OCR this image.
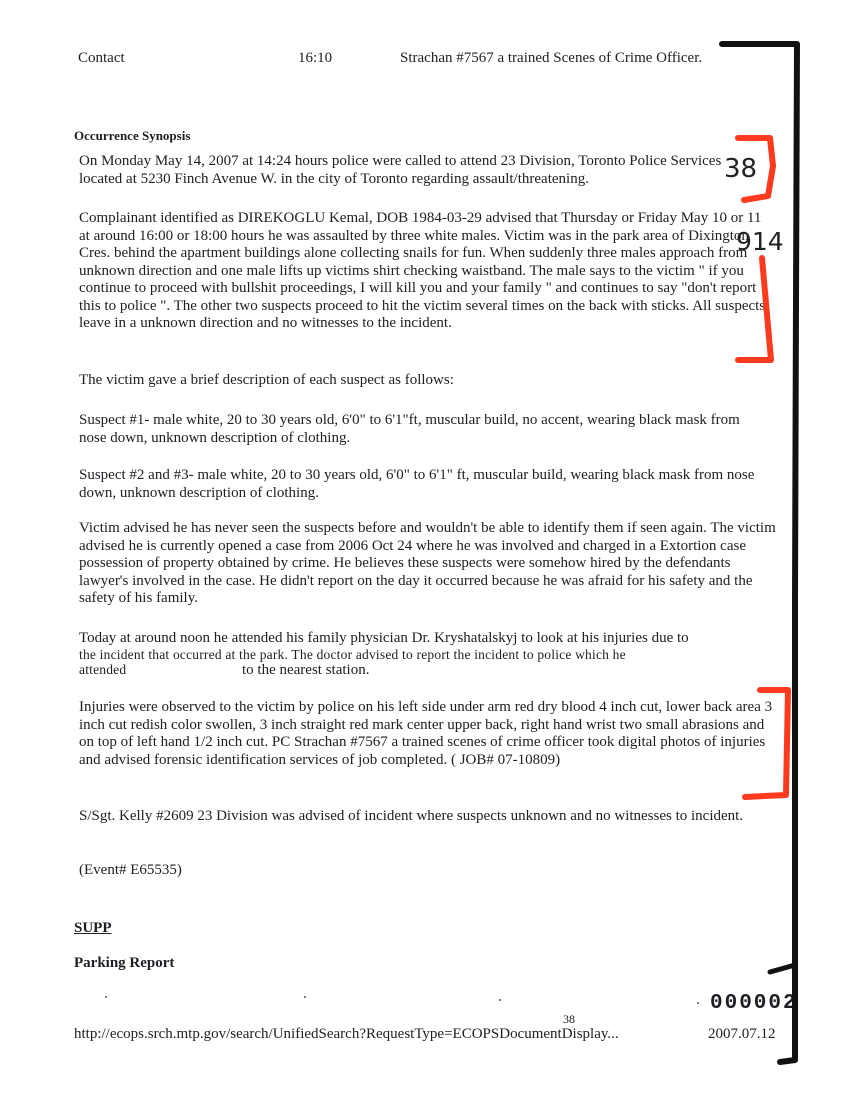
Contact	16:10	Strachan #7567 a trained Scenes of Crime Officer.
Occurrence Synopsis
On Monday May 14, 2007 at 14:24 hours police were called to attend 23 Division, Toronto Police Services located at 5230 Finch Avenue W. in the city of Toronto regarding assault/threatening.
Complainant identified as DIREKOGLU Kemal, DOB 1984-03-29 advised that Thursday or Friday May 10 or 11 at around 16:00 or 18:00 hours he was assaulted by three white males. Victim was in the park area of Dixington Cres. behind the apartment buildings alone collecting snails for fun. When suddenly three males approach from unknown direction and one male lifts up victims shirt checking waistband. The male says to the victim " if you continue to proceed with bullshit proceedings, I will kill you and your family " and continues to say "don't report this to police ". The other two suspects proceed to hit the victim several times on the back with sticks. All suspects leave in a unknown direction and no witnesses to the incident.
The victim gave a brief description of each suspect as follows:
Suspect #1- male white, 20 to 30 years old, 6'0" to 6'1"ft, muscular build, no accent, wearing black mask from nose down, unknown description of clothing.
Suspect #2 and #3- male white, 20 to 30 years old, 6'0" to 6'1" ft, muscular build, wearing black mask from nose down, unknown description of clothing.
Victim advised he has never seen the suspects before and wouldn't be able to identify them if seen again. The victim advised he is currently opened a case from 2006 Oct 24 where he was involved and charged in a Extortion case possession of property obtained by crime. He believes these suspects were somehow hired by the defendants lawyer's involved in the case. He didn't report on the day it occurred because he was afraid for his safety and the safety of his family.
Today at around noon he attended his family physician Dr. Kryshatalskyj to look at his injuries due to
the incident that occurred at the park. The doctor advised to report the incident to police which he
attended	to the nearest station.
Injuries were observed to the victim by police on his left side under arm red dry blood 4 inch cut, lower back area 3 inch cut redish color swollen, 3 inch straight red mark center upper back, right hand wrist two small abrasions and on top of left hand 1/2 inch cut. PC Strachan #7567 a trained scenes of crime officer took digital photos of injuries and advised forensic identification services of job completed. ( JOB# 07-10809)
S/Sgt. Kelly #2609 23 Division was advised of incident where suspects unknown and no witnesses to incident.
(Event# E65535)
SUPP
Parking Report
38
914
38
000002
http://ecops.srch.mtp.gov/search/UnifiedSearch?RequestType=ECOPSDocumentDisplay...	2007.07.12
